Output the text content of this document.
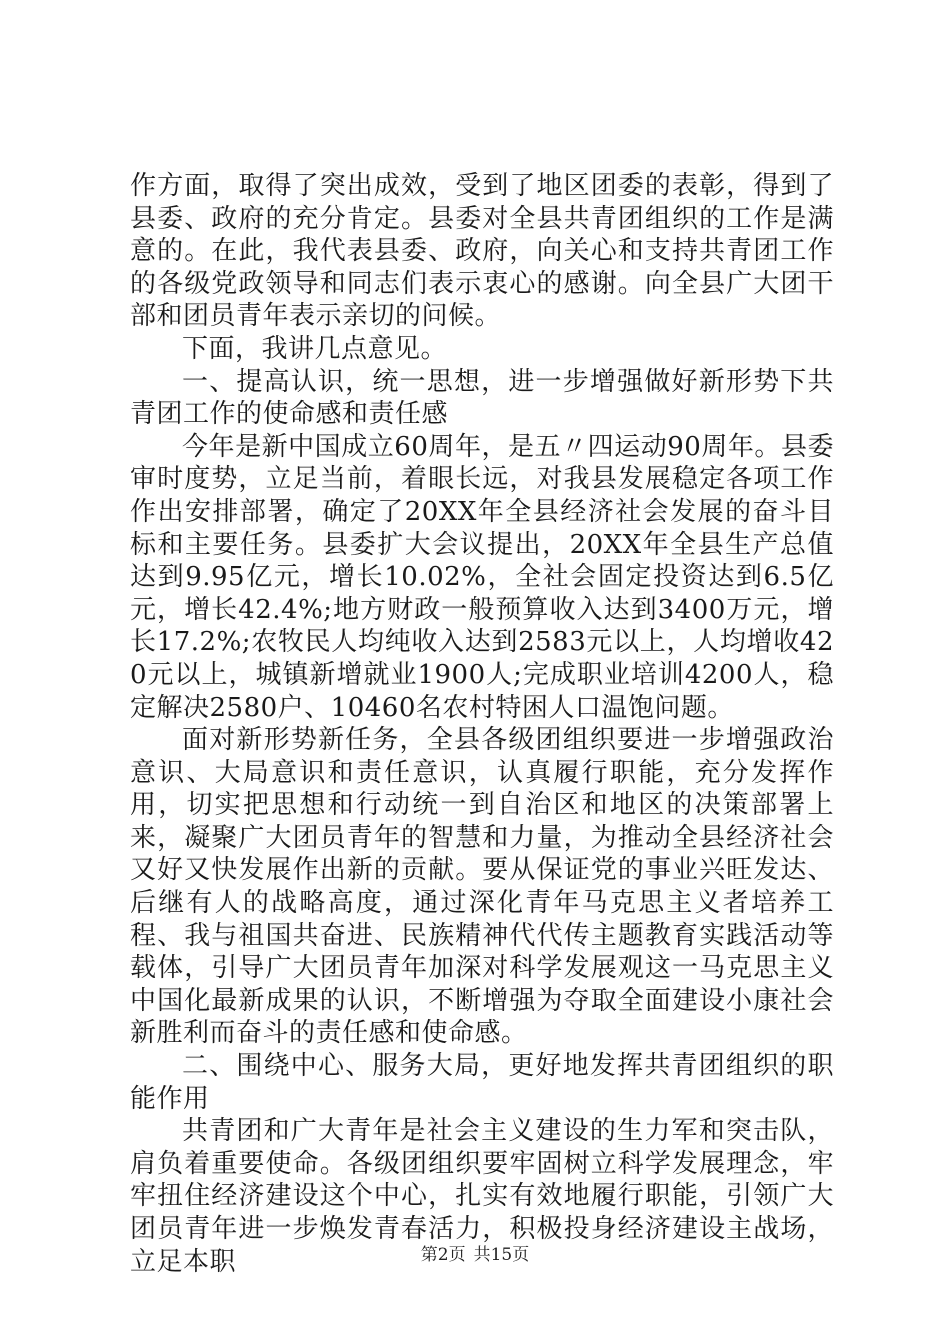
作方面，取得了突出成效，受到了地区团委的表彰，得到了县委、政府的充分肯定。县委对全县共青团组织的工作是满意的。在此，我代表县委、政府，向关心和支持共青团工作的各级党政领导和同志们表示衷心的感谢。向全县广大团干部和团员青年表示亲切的问候。

下面，我讲几点意见。

一、提高认识，统一思想，进一步增强做好新形势下共青团工作的使命感和责任感

今年是新中国成立60周年，是五〃四运动90周年。县委审时度势，立足当前，着眼长远，对我县发展稳定各项工作作出安排部署，确定了20XX年全县经济社会发展的奋斗目标和主要任务。县委扩大会议提出，20XX年全县生产总值达到9.95亿元，增长10.02%，全社会固定投资达到6.5亿元，增长42.4%;地方财政一般预算收入达到3400万元，增长17.2%;农牧民人均纯收入达到2583元以上，人均增收420元以上，城镇新增就业1900人;完成职业培训4200人，稳定解决2580户、10460名农村特困人口温饱问题。

面对新形势新任务，全县各级团组织要进一步增强政治意识、大局意识和责任意识，认真履行职能，充分发挥作用，切实把思想和行动统一到自治区和地区的决策部署上来，凝聚广大团员青年的智慧和力量，为推动全县经济社会又好又快发展作出新的贡献。要从保证党的事业兴旺发达、后继有人的战略高度，通过深化青年马克思主义者培养工程、我与祖国共奋进、民族精神代代传主题教育实践活动等载体，引导广大团员青年加深对科学发展观这一马克思主义中国化最新成果的认识，不断增强为夺取全面建设小康社会新胜利而奋斗的责任感和使命感。

二、围绕中心、服务大局，更好地发挥共青团组织的职能作用

共青团和广大青年是社会主义建设的生力军和突击队，肩负着重要使命。各级团组织要牢固树立科学发展理念，牢牢扭住经济建设这个中心，扎实有效地履行职能，引领广大团员青年进一步焕发青春活力，积极投身经济建设主战场，立足本职	第2页 共15页
